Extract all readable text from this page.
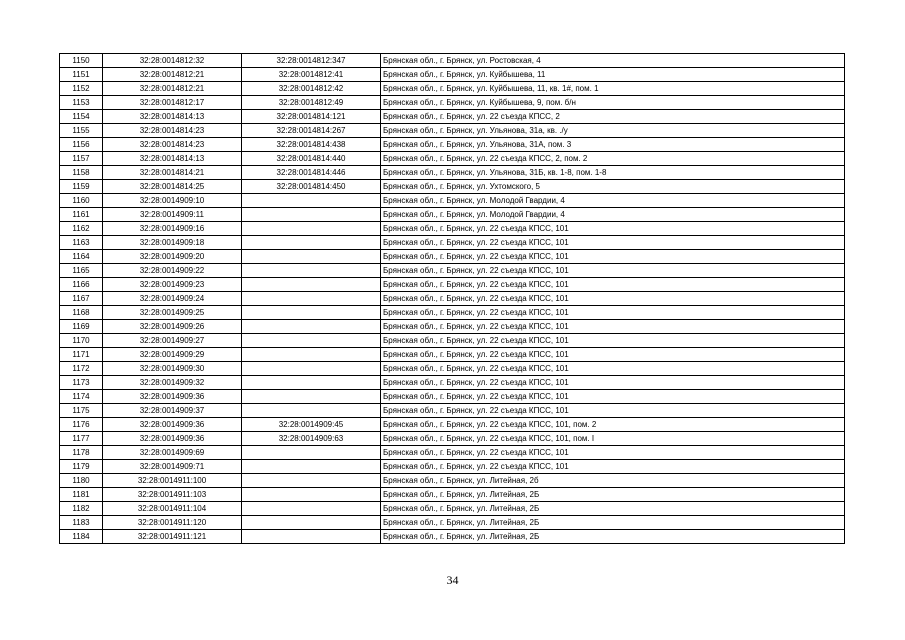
1150	32:28:0014812:32	32:28:0014812:347	Брянская обл., г. Брянск, ул. Ростовская, 4
1151	32:28:0014812:21	32:28:0014812:41	Брянская обл., г. Брянск, ул. Куйбышева, 11
1152	32:28:0014812:21	32:28:0014812:42	Брянская обл., г. Брянск, ул. Куйбышева, 11, кв. 1#, пом. 1
1153	32:28:0014812:17	32:28:0014812:49	Брянская обл., г. Брянск, ул. Куйбышева, 9, пом. б/н
1154	32:28:0014814:13	32:28:0014814:121	Брянская обл., г. Брянск, ул. 22 съезда КПСС, 2
1155	32:28:0014814:23	32:28:0014814:267	Брянская обл., г. Брянск, ул. Ульянова, 31а, кв. ./у
1156	32:28:0014814:23	32:28:0014814:438	Брянская обл., г. Брянск, ул. Ульянова, 31А, пом. 3
1157	32:28:0014814:13	32:28:0014814:440	Брянская обл., г. Брянск, ул. 22 съезда КПСС, 2, пом. 2
1158	32:28:0014814:21	32:28:0014814:446	Брянская обл., г. Брянск, ул. Ульянова, 31Б, кв. 1-8, пом. 1-8
1159	32:28:0014814:25	32:28:0014814:450	Брянская обл., г. Брянск, ул. Ухтомского, 5
1160	32:28:0014909:10		Брянская обл., г. Брянск, ул. Молодой Гвардии, 4
1161	32:28:0014909:11		Брянская обл., г. Брянск, ул. Молодой Гвардии, 4
1162	32:28:0014909:16		Брянская обл., г. Брянск, ул. 22 съезда КПСС, 101
1163	32:28:0014909:18		Брянская обл., г. Брянск, ул. 22 съезда КПСС, 101
1164	32:28:0014909:20		Брянская обл., г. Брянск, ул. 22 съезда КПСС, 101
1165	32:28:0014909:22		Брянская обл., г. Брянск, ул. 22 съезда КПСС, 101
1166	32:28:0014909:23		Брянская обл., г. Брянск, ул. 22 съезда КПСС, 101
1167	32:28:0014909:24		Брянская обл., г. Брянск, ул. 22 съезда КПСС, 101
1168	32:28:0014909:25		Брянская обл., г. Брянск, ул. 22 съезда КПСС, 101
1169	32:28:0014909:26		Брянская обл., г. Брянск, ул. 22 съезда КПСС, 101
1170	32:28:0014909:27		Брянская обл., г. Брянск, ул. 22 съезда КПСС, 101
1171	32:28:0014909:29		Брянская обл., г. Брянск, ул. 22 съезда КПСС, 101
1172	32:28:0014909:30		Брянская обл., г. Брянск, ул. 22 съезда КПСС, 101
1173	32:28:0014909:32		Брянская обл., г. Брянск, ул. 22 съезда КПСС, 101
1174	32:28:0014909:36		Брянская обл., г. Брянск, ул. 22 съезда КПСС, 101
1175	32:28:0014909:37		Брянская обл., г. Брянск, ул. 22 съезда КПСС, 101
1176	32:28:0014909:36	32:28:0014909:45	Брянская обл., г. Брянск, ул. 22 съезда КПСС, 101, пом. 2
1177	32:28:0014909:36	32:28:0014909:63	Брянская обл., г. Брянск, ул. 22 съезда КПСС, 101, пом. I
1178	32:28:0014909:69		Брянская обл., г. Брянск, ул. 22 съезда КПСС, 101
1179	32:28:0014909:71		Брянская обл., г. Брянск, ул. 22 съезда КПСС, 101
1180	32:28:0014911:100		Брянская обл., г. Брянск, ул. Литейная, 2б
1181	32:28:0014911:103		Брянская обл., г. Брянск, ул. Литейная, 2Б
1182	32:28:0014911:104		Брянская обл., г. Брянск, ул. Литейная, 2Б
1183	32:28:0014911:120		Брянская обл., г. Брянск, ул. Литейная, 2Б
1184	32:28:0014911:121		Брянская обл., г. Брянск, ул. Литейная, 2Б
34
